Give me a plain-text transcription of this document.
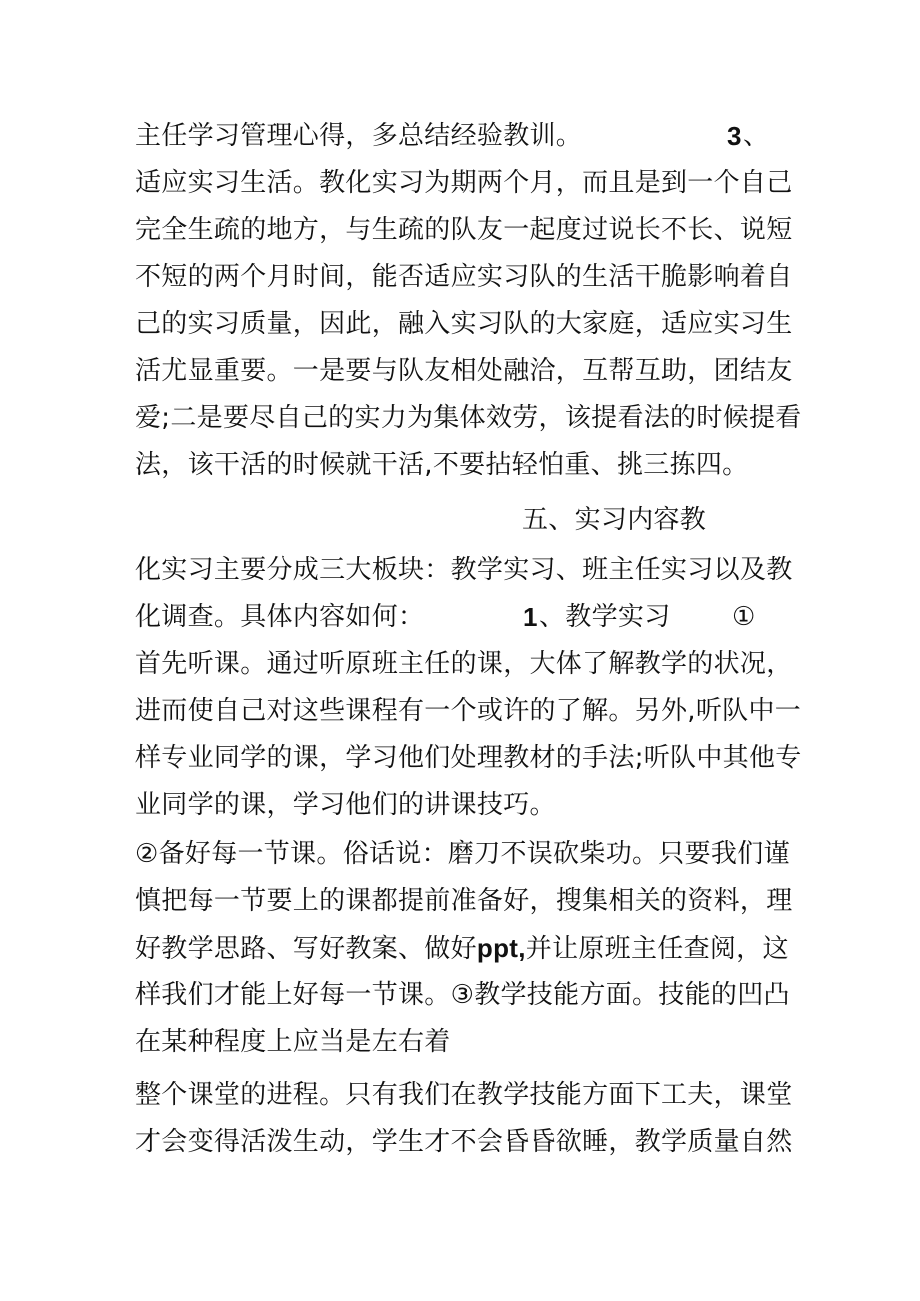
主任学习管理心得，多总结经验教训。	3 、
适应实习生活。教化实习为期两个月，而且是到一个自己
完全生疏的地方，与生疏的队友一起度过说长不长、说短
不短的两个月时间，能否适应实习队的生活干脆影响着自
己的实习质量，因此，融入实习队的大家庭，适应实习生
活尤显重要。一是要与队友相处融洽，互帮互助，团结友
爱;二是要尽自己的实力为集体效劳，该提看法的时候提看
法，该干活的时候就干活,不要拈轻怕重、挑三拣四。
五、实习内容教
化实习主要分成三大板块：教学实习、班主任实习以及教
化调查。具体内容如何：	1 、教学实习 ①
首先听课。通过听原班主任的课，大体了解教学的状况，
进而使自己对这些课程有一个或许的了解。另外,听队中一
样专业同学的课，学习他们处理教材的手法;听队中其他专
业同学的课，学习他们的讲课技巧。
②备好每一节课。俗话说：磨刀不误砍柴功。只要我们谨
慎把每一节要上的课都提前准备好，搜集相关的资料，理
好教学思路、写好教案、做好ppt,并让原班主任查阅，这
样我们才能上好每一节课。③教学技能方面。技能的凹凸
在某种程度上应当是左右着
整个课堂的进程。只有我们在教学技能方面下工夫，课堂
才会变得活泼生动，学生才不会昏昏欲睡，教学质量自然
